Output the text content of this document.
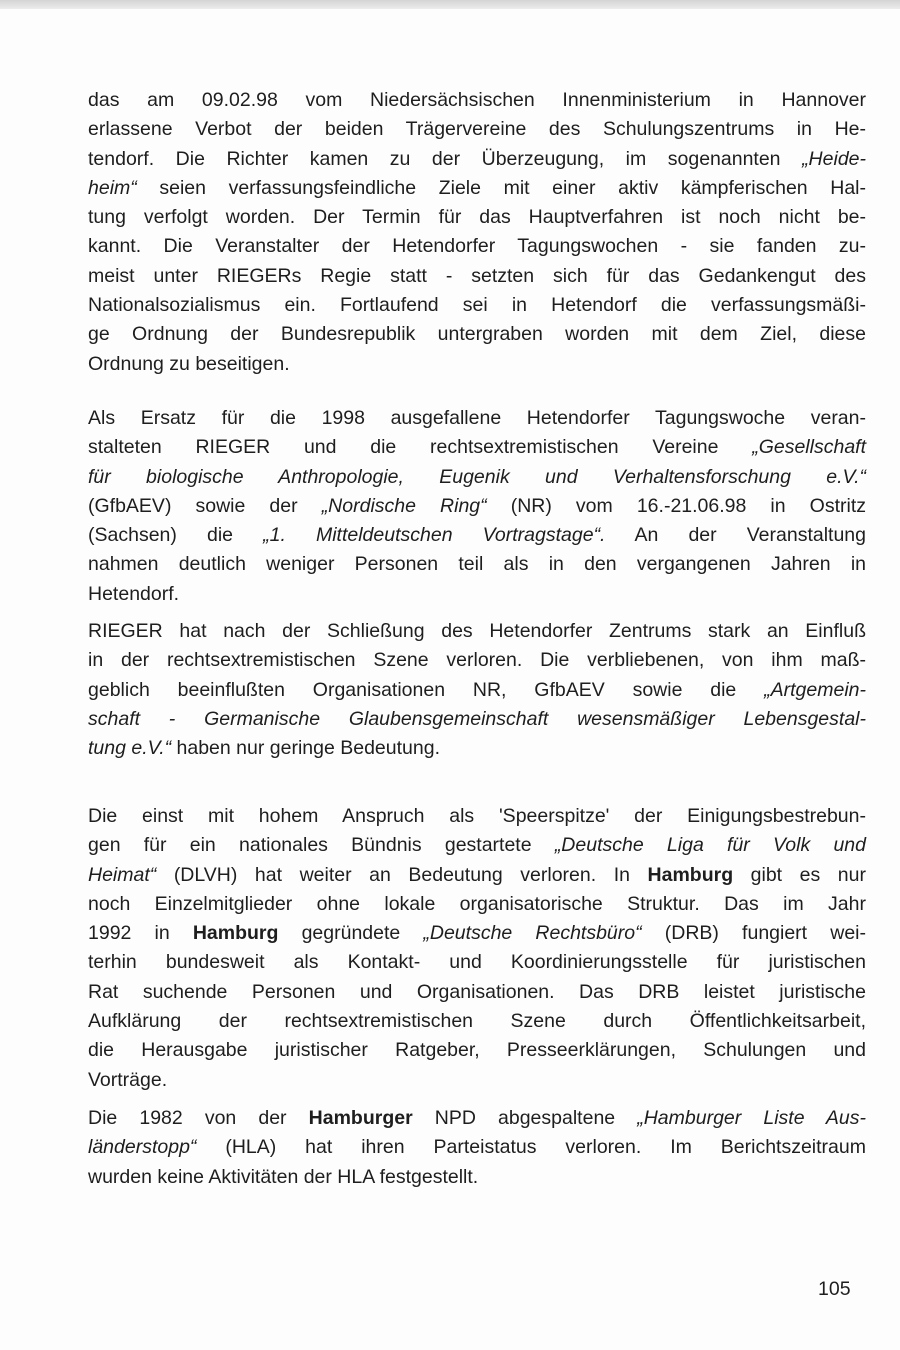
das am 09.02.98 vom Niedersächsischen Innenministerium in Hannover
erlassene Verbot der beiden Trägervereine des Schulungszentrums in He-
tendorf. Die Richter kamen zu der Überzeugung, im sogenannten „Heide-
heim“ seien verfassungsfeindliche Ziele mit einer aktiv kämpferischen Hal-
tung verfolgt worden. Der Termin für das Hauptverfahren ist noch nicht be-
kannt. Die Veranstalter der Hetendorfer Tagungswochen - sie fanden zu-
meist unter RIEGERs Regie statt - setzten sich für das Gedankengut des
Nationalsozialismus ein. Fortlaufend sei in Hetendorf die verfassungsmäßi-
ge Ordnung der Bundesrepublik untergraben worden mit dem Ziel, diese
Ordnung zu beseitigen.
Als Ersatz für die 1998 ausgefallene Hetendorfer Tagungswoche veran-
stalteten RIEGER und die rechtsextremistischen Vereine „Gesellschaft
für biologische Anthropologie, Eugenik und Verhaltensforschung e.V.“
(GfbAEV) sowie der „Nordische Ring“ (NR) vom 16.-21.06.98 in Ostritz
(Sachsen) die „1. Mitteldeutschen Vortragstage“. An der Veranstaltung
nahmen deutlich weniger Personen teil als in den vergangenen Jahren in
Hetendorf.
RIEGER hat nach der Schließung des Hetendorfer Zentrums stark an Einfluß
in der rechtsextremistischen Szene verloren. Die verbliebenen, von ihm maß-
geblich beeinflußten Organisationen NR, GfbAEV sowie die „Artgemein-
schaft - Germanische Glaubensgemeinschaft wesensmäßiger Lebensgestal-
tung e.V.“ haben nur geringe Bedeutung.
Die einst mit hohem Anspruch als 'Speerspitze' der Einigungsbestrebun-
gen für ein nationales Bündnis gestartete „Deutsche Liga für Volk und
Heimat“ (DLVH) hat weiter an Bedeutung verloren. In Hamburg gibt es nur
noch Einzelmitglieder ohne lokale organisatorische Struktur. Das im Jahr
1992 in Hamburg gegründete „Deutsche Rechtsbüro“ (DRB) fungiert wei-
terhin bundesweit als Kontakt- und Koordinierungsstelle für juristischen
Rat suchende Personen und Organisationen. Das DRB leistet juristische
Aufklärung der rechtsextremistischen Szene durch Öffentlichkeitsarbeit,
die Herausgabe juristischer Ratgeber, Presseerklärungen, Schulungen und
Vorträge.
Die 1982 von der Hamburger NPD abgespaltene „Hamburger Liste Aus-
länderstopp“ (HLA) hat ihren Parteistatus verloren. Im Berichtszeitraum
wurden keine Aktivitäten der HLA festgestellt.
105
